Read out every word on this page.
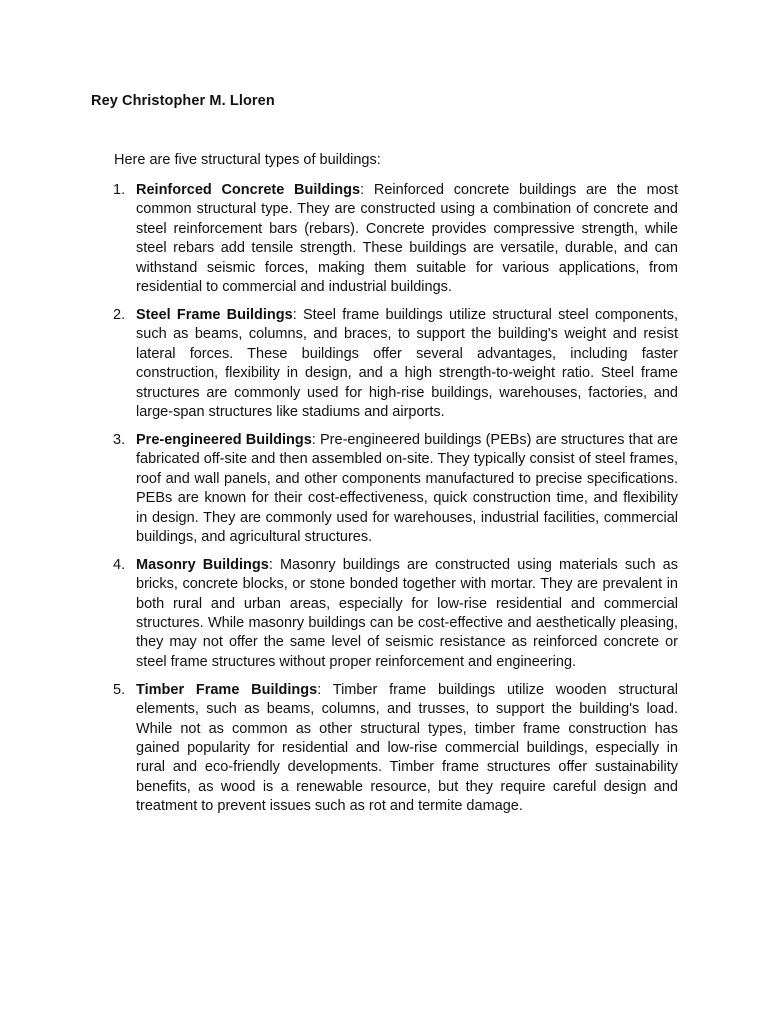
Rey Christopher M. Lloren

Here are five structural types of buildings:

1. Reinforced Concrete Buildings: Reinforced concrete buildings are the most common structural type. They are constructed using a combination of concrete and steel reinforcement bars (rebars). Concrete provides compressive strength, while steel rebars add tensile strength. These buildings are versatile, durable, and can withstand seismic forces, making them suitable for various applications, from residential to commercial and industrial buildings.
2. Steel Frame Buildings: Steel frame buildings utilize structural steel components, such as beams, columns, and braces, to support the building's weight and resist lateral forces. These buildings offer several advantages, including faster construction, flexibility in design, and a high strength-to-weight ratio. Steel frame structures are commonly used for high-rise buildings, warehouses, factories, and large-span structures like stadiums and airports.
3. Pre-engineered Buildings: Pre-engineered buildings (PEBs) are structures that are fabricated off-site and then assembled on-site. They typically consist of steel frames, roof and wall panels, and other components manufactured to precise specifications. PEBs are known for their cost-effectiveness, quick construction time, and flexibility in design. They are commonly used for warehouses, industrial facilities, commercial buildings, and agricultural structures.
4. Masonry Buildings: Masonry buildings are constructed using materials such as bricks, concrete blocks, or stone bonded together with mortar. They are prevalent in both rural and urban areas, especially for low-rise residential and commercial structures. While masonry buildings can be cost-effective and aesthetically pleasing, they may not offer the same level of seismic resistance as reinforced concrete or steel frame structures without proper reinforcement and engineering.
5. Timber Frame Buildings: Timber frame buildings utilize wooden structural elements, such as beams, columns, and trusses, to support the building's load. While not as common as other structural types, timber frame construction has gained popularity for residential and low-rise commercial buildings, especially in rural and eco-friendly developments. Timber frame structures offer sustainability benefits, as wood is a renewable resource, but they require careful design and treatment to prevent issues such as rot and termite damage.
